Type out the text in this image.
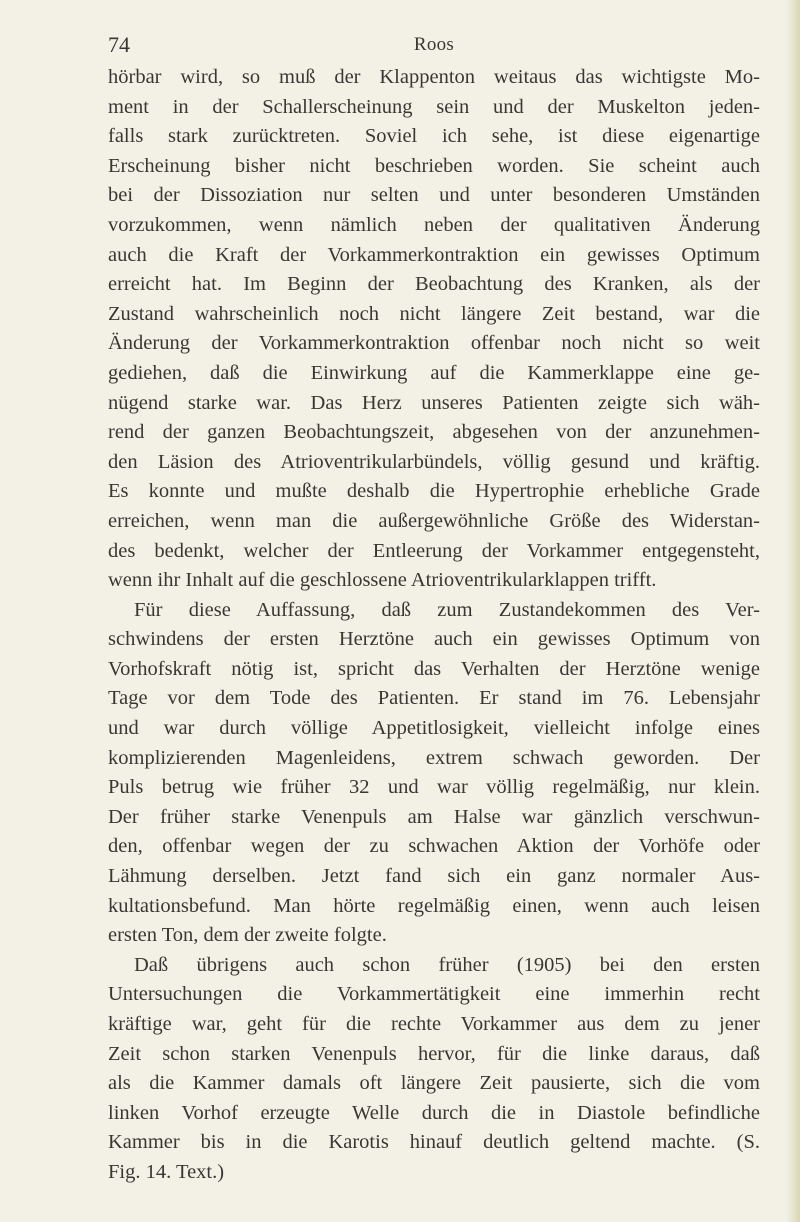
74	Roos
hörbar wird, so muß der Klappenton weitaus das wichtigste Mo-
ment in der Schallerscheinung sein und der Muskelton jeden-
falls stark zurücktreten. Soviel ich sehe, ist diese eigenartige
Erscheinung bisher nicht beschrieben worden. Sie scheint auch
bei der Dissoziation nur selten und unter besonderen Umständen
vorzukommen, wenn nämlich neben der qualitativen Änderung
auch die Kraft der Vorkammerkontraktion ein gewisses Optimum
erreicht hat. Im Beginn der Beobachtung des Kranken, als der
Zustand wahrscheinlich noch nicht längere Zeit bestand, war die
Änderung der Vorkammerkontraktion offenbar noch nicht so weit
gediehen, daß die Einwirkung auf die Kammerklappe eine ge-
nügend starke war. Das Herz unseres Patienten zeigte sich wäh-
rend der ganzen Beobachtungszeit, abgesehen von der anzunehmen-
den Läsion des Atrioventrikularbündels, völlig gesund und kräftig.
Es konnte und mußte deshalb die Hypertrophie erhebliche Grade
erreichen, wenn man die außergewöhnliche Größe des Widerstan-
des bedenkt, welcher der Entleerung der Vorkammer entgegensteht,
wenn ihr Inhalt auf die geschlossene Atrioventrikularklappen trifft.
Für diese Auffassung, daß zum Zustandekommen des Ver-
schwindens der ersten Herztöne auch ein gewisses Optimum von
Vorhofskraft nötig ist, spricht das Verhalten der Herztöne wenige
Tage vor dem Tode des Patienten. Er stand im 76. Lebensjahr
und war durch völlige Appetitlosigkeit, vielleicht infolge eines
komplizierenden Magenleidens, extrem schwach geworden. Der
Puls betrug wie früher 32 und war völlig regelmäßig, nur klein.
Der früher starke Venenpuls am Halse war gänzlich verschwun-
den, offenbar wegen der zu schwachen Aktion der Vorhöfe oder
Lähmung derselben. Jetzt fand sich ein ganz normaler Aus-
kultationsbefund. Man hörte regelmäßig einen, wenn auch leisen
ersten Ton, dem der zweite folgte.
Daß übrigens auch schon früher (1905) bei den ersten
Untersuchungen die Vorkammertätigkeit eine immerhin recht
kräftige war, geht für die rechte Vorkammer aus dem zu jener
Zeit schon starken Venenpuls hervor, für die linke daraus, daß
als die Kammer damals oft längere Zeit pausierte, sich die vom
linken Vorhof erzeugte Welle durch die in Diastole befindliche
Kammer bis in die Karotis hinauf deutlich geltend machte. (S.
Fig. 14. Text.)
